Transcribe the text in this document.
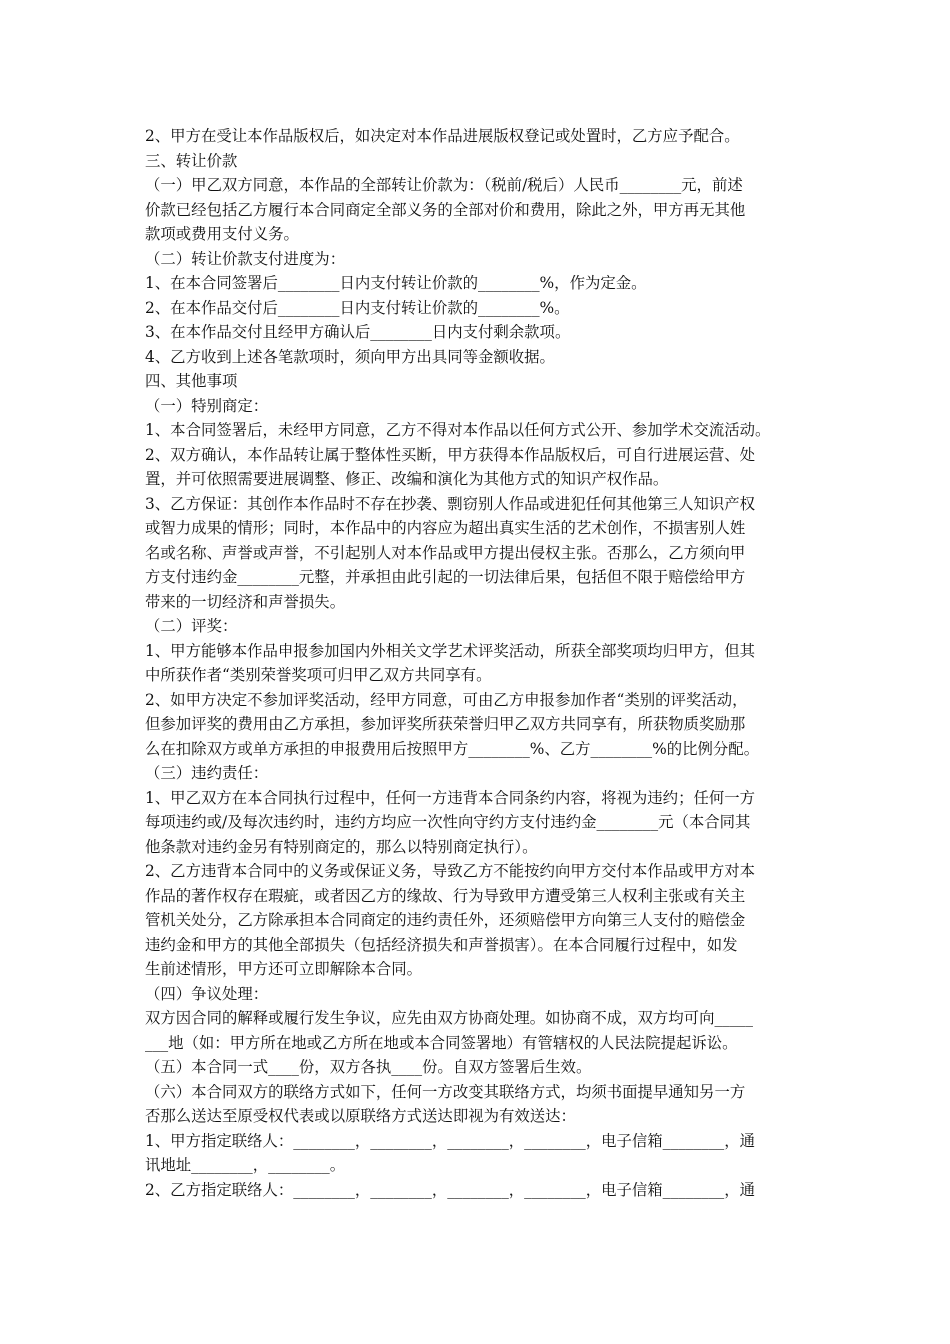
2、甲方在受让本作品版权后，如决定对本作品进展版权登记或处置时，乙方应予配合。
三、转让价款
（一）甲乙双方同意，本作品的全部转让价款为：（税前/税后）人民币________元，前述
价款已经包括乙方履行本合同商定全部义务的全部对价和费用，除此之外，甲方再无其他
款项或费用支付义务。
（二）转让价款支付进度为：
1、在本合同签署后________日内支付转让价款的________%，作为定金。
2、在本作品交付后________日内支付转让价款的________%。
3、在本作品交付且经甲方确认后________日内支付剩余款项。
4、乙方收到上述各笔款项时，须向甲方出具同等金额收据。
四、其他事项
（一）特别商定：
1、本合同签署后，未经甲方同意，乙方不得对本作品以任何方式公开、参加学术交流活动。
2、双方确认，本作品转让属于整体性买断，甲方获得本作品版权后，可自行进展运营、处
置，并可依照需要进展调整、修正、改编和演化为其他方式的知识产权作品。
3、乙方保证：其创作本作品时不存在抄袭、剽窃别人作品或进犯任何其他第三人知识产权
或智力成果的情形；同时，本作品中的内容应为超出真实生活的艺术创作，不损害别人姓
名或名称、声誉或声誉，不引起别人对本作品或甲方提出侵权主张。否那么，乙方须向甲
方支付违约金________元整，并承担由此引起的一切法律后果，包括但不限于赔偿给甲方
带来的一切经济和声誉损失。
（二）评奖：
1、甲方能够本作品申报参加国内外相关文学艺术评奖活动，所获全部奖项均归甲方，但其
中所获作者“类别荣誉奖项可归甲乙双方共同享有。
2、如甲方决定不参加评奖活动，经甲方同意，可由乙方申报参加作者“类别的评奖活动，
但参加评奖的费用由乙方承担，参加评奖所获荣誉归甲乙双方共同享有，所获物质奖励那
么在扣除双方或单方承担的申报费用后按照甲方________%、乙方________%的比例分配。
（三）违约责任：
1、甲乙双方在本合同执行过程中，任何一方违背本合同条约内容，将视为违约；任何一方
每项违约或/及每次违约时，违约方均应一次性向守约方支付违约金________元（本合同其
他条款对违约金另有特别商定的，那么以特别商定执行）。
2、乙方违背本合同中的义务或保证义务，导致乙方不能按约向甲方交付本作品或甲方对本
作品的著作权存在瑕疵，或者因乙方的缘故、行为导致甲方遭受第三人权利主张或有关主
管机关处分，乙方除承担本合同商定的违约责任外，还须赔偿甲方向第三人支付的赔偿金
违约金和甲方的其他全部损失（包括经济损失和声誉损害）。在本合同履行过程中，如发
生前述情形，甲方还可立即解除本合同。
（四）争议处理：
双方因合同的解释或履行发生争议，应先由双方协商处理。如协商不成，双方均可向_____
___地（如：甲方所在地或乙方所在地或本合同签署地）有管辖权的人民法院提起诉讼。
（五）本合同一式____份，双方各执____份。自双方签署后生效。
（六）本合同双方的联络方式如下，任何一方改变其联络方式，均须书面提早通知另一方
否那么送达至原受权代表或以原联络方式送达即视为有效送达：
1、甲方指定联络人：________，________，________，________，电子信箱________，通
讯地址________，________。
2、乙方指定联络人：________，________，________，________，电子信箱________，通
